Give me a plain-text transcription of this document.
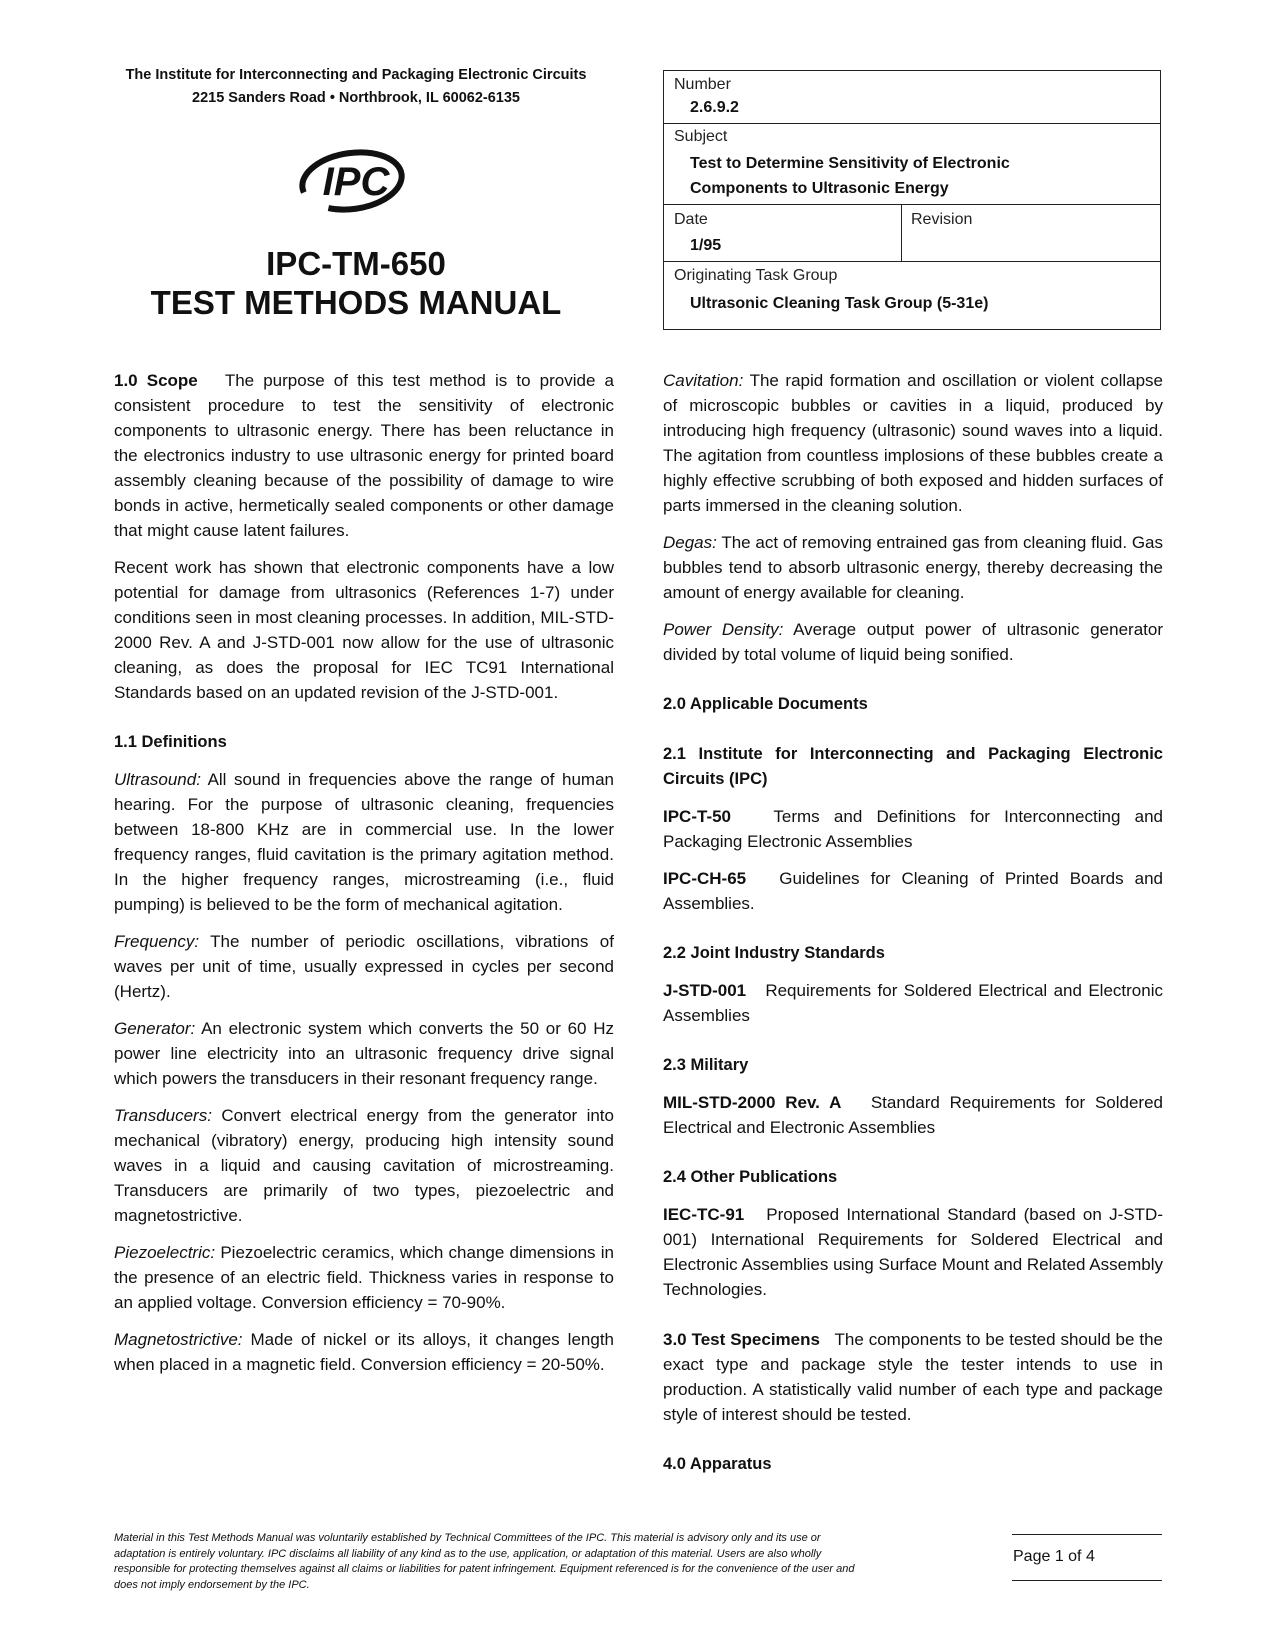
The Institute for Interconnecting and Packaging Electronic Circuits
2215 Sanders Road • Northbrook, IL 60062-6135
IPC
IPC-TM-650
TEST METHODS MANUAL
Number
2.6.9.2
Subject
Test to Determine Sensitivity of Electronic
Components to Ultrasonic Energy
Date
1/95
Revision
Originating Task Group
Ultrasonic Cleaning Task Group (5-31e)

1.0 Scope The purpose of this test method is to provide a consistent procedure to test the sensitivity of electronic components to ultrasonic energy. There has been reluctance in the electronics industry to use ultrasonic energy for printed board assembly cleaning because of the possibility of damage to wire bonds in active, hermetically sealed components or other damage that might cause latent failures.

Recent work has shown that electronic components have a low potential for damage from ultrasonics (References 1-7) under conditions seen in most cleaning processes. In addition, MIL-STD-2000 Rev. A and J-STD-001 now allow for the use of ultrasonic cleaning, as does the proposal for IEC TC91 International Standards based on an updated revision of the J-STD-001.

1.1 Definitions

Ultrasound: All sound in frequencies above the range of human hearing. For the purpose of ultrasonic cleaning, frequencies between 18-800 KHz are in commercial use. In the lower frequency ranges, fluid cavitation is the primary agitation method. In the higher frequency ranges, microstreaming (i.e., fluid pumping) is believed to be the form of mechanical agitation.

Frequency: The number of periodic oscillations, vibrations of waves per unit of time, usually expressed in cycles per second (Hertz).

Generator: An electronic system which converts the 50 or 60 Hz power line electricity into an ultrasonic frequency drive signal which powers the transducers in their resonant frequency range.

Transducers: Convert electrical energy from the generator into mechanical (vibratory) energy, producing high intensity sound waves in a liquid and causing cavitation of microstreaming. Transducers are primarily of two types, piezoelectric and magnetostrictive.

Piezoelectric: Piezoelectric ceramics, which change dimensions in the presence of an electric field. Thickness varies in response to an applied voltage. Conversion efficiency = 70-90%.

Magnetostrictive: Made of nickel or its alloys, it changes length when placed in a magnetic field. Conversion efficiency = 20-50%.

Cavitation: The rapid formation and oscillation or violent collapse of microscopic bubbles or cavities in a liquid, produced by introducing high frequency (ultrasonic) sound waves into a liquid. The agitation from countless implosions of these bubbles create a highly effective scrubbing of both exposed and hidden surfaces of parts immersed in the cleaning solution.

Degas: The act of removing entrained gas from cleaning fluid. Gas bubbles tend to absorb ultrasonic energy, thereby decreasing the amount of energy available for cleaning.

Power Density: Average output power of ultrasonic generator divided by total volume of liquid being sonified.

2.0 Applicable Documents
2.1 Institute for Interconnecting and Packaging Electronic Circuits (IPC)

IPC-T-50 Terms and Definitions for Interconnecting and Packaging Electronic Assemblies

IPC-CH-65 Guidelines for Cleaning of Printed Boards and Assemblies.

2.2 Joint Industry Standards

J-STD-001 Requirements for Soldered Electrical and Electronic Assemblies

2.3 Military

MIL-STD-2000 Rev. A Standard Requirements for Soldered Electrical and Electronic Assemblies

2.4 Other Publications

IEC-TC-91 Proposed International Standard (based on J-STD-001) International Requirements for Soldered Electrical and Electronic Assemblies using Surface Mount and Related Assembly Technologies.

3.0 Test Specimens The components to be tested should be the exact type and package style the tester intends to use in production. A statistically valid number of each type and package style of interest should be tested.

4.0 Apparatus
Material in this Test Methods Manual was voluntarily established by Technical Committees of the IPC. This material is advisory only and its use or adaptation is entirely voluntary. IPC disclaims all liability of any kind as to the use, application, or adaptation of this material. Users are also wholly responsible for protecting themselves against all claims or liabilities for patent infringement. Equipment referenced is for the convenience of the user and does not imply endorsement by the IPC.
Page 1 of 4
